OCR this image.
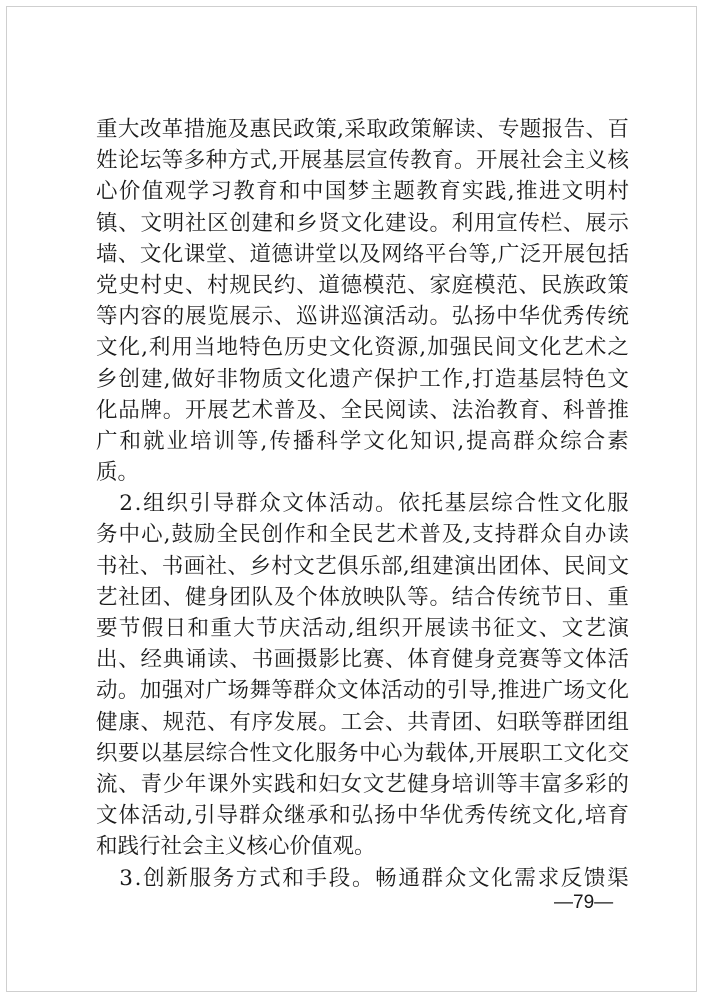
重 大 改 革 措 施 及 惠 民 政 策 , 采 取 政 策 解 读 、 专 题 报 告 、 百
姓 论 坛 等 多 种 方 式 , 开 展 基 层 宣 传 教 育 。 开 展 社 会 主 义 核
心 价 值 观 学 习 教 育 和 中 国 梦 主 题 教 育 实 践 , 推 进 文 明 村
镇 、 文 明 社 区 创 建 和 乡 贤 文 化 建 设 。 利 用 宣 传 栏 、 展 示
墙 、 文 化 课 堂 、 道 德 讲 堂 以 及 网 络 平 台 等 , 广 泛 开 展 包 括
党 史 村 史 、 村 规 民 约 、 道 德 模 范 、 家 庭 模 范 、 民 族 政 策
等 内 容 的 展 览 展 示 、 巡 讲 巡 演 活 动 。 弘 扬 中 华 优 秀 传 统
文 化 , 利 用 当 地 特 色 历 史 文 化 资 源 , 加 强 民 间 文 化 艺 术 之
乡 创 建 , 做 好 非 物 质 文 化 遗 产 保 护 工 作 , 打 造 基 层 特 色 文
化 品 牌 。 开 展 艺 术 普 及 、 全 民 阅 读 、 法 治 教 育 、 科 普 推
广 和 就 业 培 训 等 , 传 播 科 学 文 化 知 识 , 提 高 群 众 综 合 素
质。

2 . 组 织 引 导 群 众 文 体 活 动 。 依 托 基 层 综 合 性 文 化 服
务 中 心 , 鼓 励 全 民 创 作 和 全 民 艺 术 普 及 , 支 持 群 众 自 办 读
书 社 、 书 画 社 、 乡 村 文 艺 俱 乐 部 , 组 建 演 出 团 体 、 民 间 文
艺 社 团 、 健 身 团 队 及 个 体 放 映 队 等 。 结 合 传 统 节 日 、 重
要 节 假 日 和 重 大 节 庆 活 动 , 组 织 开 展 读 书 征 文 、 文 艺 演
出 、 经 典 诵 读 、 书 画 摄 影 比 赛 、 体 育 健 身 竞 赛 等 文 体 活
动 。 加 强 对 广 场 舞 等 群 众 文 体 活 动 的 引 导 , 推 进 广 场 文 化
健 康 、 规 范 、 有 序 发 展 。 工 会 、 共 青 团 、 妇 联 等 群 团 组
织 要 以 基 层 综 合 性 文 化 服 务 中 心 为 载 体 , 开 展 职 工 文 化 交
流 、 青 少 年 课 外 实 践 和 妇 女 文 艺 健 身 培 训 等 丰 富 多 彩 的
文 体 活 动 , 引 导 群 众 继 承 和 弘 扬 中 华 优 秀 传 统 文 化 , 培 育
和践行社会主义核心价值观。

3 . 创 新 服 务 方 式 和 手 段 。 畅 通 群 众 文 化 需 求 反 馈 渠
—79—
